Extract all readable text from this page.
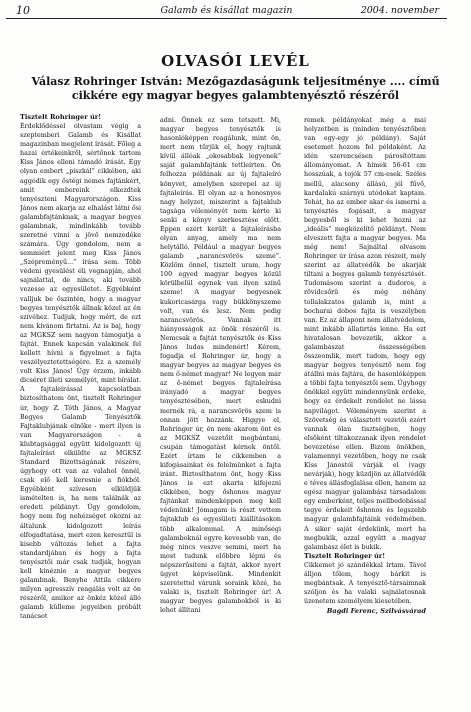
10	Galamb és kisállat magazin	2004. november
OLVASÓI LEVÉL
Válasz Rohringer István: Mezőgazdaságunk teljesítménye .... című cikkére egy magyar begyes galambtenyésztő részéről
Tisztelt Rohringer úr!

Érdeklődéssel olvastam végig a szeptemberi Galamb és Kisállat magazinban megjelent írását. Főleg a hazai értékeinkről, sértőnek tartom Kiss János elleni támadó írását. Egy olyan embert „piszkál” cikkében, aki aggódik egy őstégi nemes fajtánkért, amit embereink elkezdtek tenyészteni Magyarországon. Kiss János nem akarja az elhalást látni ősi galambfajtánknak, a magyar begyes galambnak, mindinkább tovább szeretné vinni a jövő nemzedéke számára. Úgy gondolom, nem a semmiért jelent meg Kiss János „Szépreményű...” írása sem. Több védeni gyesülést éli vegnapján, ahol sajnálattal, de nincs, aki tovább vezesse az egyesületet. Egyébként valljuk be őszintén, hogy a magyar begyes tenyésztők állnak közel az én szívéhez. Tudjuk, hogy mért, de ezt nem kívánom firtatni. Az is baj, hogy az MGKSZ sem nagyon támogatja a fajtát. Ennek kapcsán valakinek fel kellett hívni a figyelmet a fajta veszélyeztetettségére. Ez a személy volt Kiss János! Úgy érzem, inkább dicséret illeti személyét, mint bírálat. A fajtaleírással kapcsolatban biztosíthatom önt, tisztelt Rohringer úr, hogy Z. Tóth János, a Magyar Begyes Galamb Tenyésztők Fajtaklubjának elnöke - mert ilyen is van Magyarországon - a klubtagsággal együtt kidolgozott új fajtaleírást elküldte az MGKSZ Standard Bizottságának részére, úgyhogy ott van az valahol önnél, csak elő kell keresnie a fiókból. Egyébként szívesen elküldjük ismételten is, ha nem találnák az eredeti példányt. Úgy gondolom, hogy nem fog nehézséget okozni az általunk kidolgozott leírás elfogadtatása, mert ezen keresztül is kisebb változás lehet a fajta standardjában és hogy a fajta tenyésztői már csak tudják, hogyan kell kinéznie a magyar begyes galambnak. Benyhe Attila cikkére milyen agresszív reagálás volt az ön részéről, amikor az önkéz közel álló galamb külleme jegyeiben próbált tanácsot

adni. Önnek ez sem tetszett. Mi, magyar begyes tenyésztők is hasonlóképpen reagálunk, mint ön, mert nem tűrjük el, hogy rajtunk kívül állóak „okosabbak legyenek” saját galambfajtánk tettleírten. Ön felhozza példának az új fajtaleíró könyvet, amelyben szerepel az új fajtaleírás. El olyan az a honosnyos nagy helyzet, miszerint a fajtaklub tagsága véleményét nem kérte ki senki a könyv szerkesztése előtt. Eppen ezért került a fajtaleírásba olyan anyag, amely ma nem helytálló. Például a magyar begyes galamb „narancsvörös szeme”. Közlöm önnel, tisztelt uram, hogy 100 egyed magyar begyes közül körülbelül egynek van ilyen színű szeme! A magyar begyesnek kukoricasárga vagy bükkönyszeme volt, van és lesz. Nem pedig narancsvörös. Vannak itt hiányosságok az önök részéről is. Nemcsak a fajtát tenyésztők és Kiss János ludas mindenért! Kérem, fogadja el Rohringer úr, hogy a magyar begyes az magyar begyes és nem ő-német magyar! Ne legyen már az ő-német begyes fajtaleírása irányadó a magyar begyes tenyésztésében, mert eskudni mernék rá, a narancsvörös szem is onnan jött hozzánk. Higgye el, Rohringer úr, én nem akarom önt és az MGKSZ vezetőit megbántani, csupán támogatást kérnek öntől. Ezért írtam le cikkemben a kifogásainkat és felelmünket a fajta iránt. Biztosíthatom önt, hogy Kiss János is ezt akarta kifejezni cikkében, hogy őshonos magyar fajtánkat mindenképpen meg kell védenünk! Jómagam is részt vettem fajtaklub és egyesületi kiállításokon több alkalommal. A minőségi galamboknál egyre kevesebb van, de még nincs veszve semmi, mert ha most tudunk előbbre lépni és népszerűsíteni a fajtát, akkor nyert ügyet képviselünk. Mindenkit szeretettel várunk soraink közé, ha valaki is, tisztelt Rohringer úr! A magyar begyes galambokból is ki lehet állítani

remek példányokat még a mai helyzetben is (minden tenyésztőben van egy-egy jó példány). Saját esetemet hozom fel példaként. Az idén szerencsésen párosítottam állományomat. A hímek 56-61 cm hosszúak, a tojók 57 cm-esek. Széles mellű, alacsony állású, jól fűvő, kardalakú szárnyú utódokat kaptam. Tehát, ha az ember akar és ismerni a tenyésztés fogásait, a magyar begyesből is ki lehet hozni az „ideális” megközelítő példányt. Nem elveszett fajta a magyar begyes. Ma még nem! Sajnáltal olvasom Rohringer úr írása azon részeit, mely szerint az állatvédők be akarják tiltani a begyes galamb tenyésztését. Tudomásom szerint a dudoros, a rövidcsőrű és még néhány tollalakzatos galamb is, mint a bocharai dobos fajta is veszélyben van. Ez az állapont nem állatvédelem, mint inkább állatirtás lenne. Ha ezt hivatalosan bevezetik, akkor a galambászat összességében összeomlik, mert tudom, hogy egy magyar begyes tenyésztő nem fog átállni más fajtára, de hasonlóképpen a többi fajta tenyésztői sem. Úgyhogy önökkel együtt mindennyünk érdeke, hogy ez érdekelt rendelet ne lássa napvilágot. Véleményem szerint a Szövetség és választott vezetői ezért vannak ólan tisztségben, hogy elsőként tiltakozzanak ilyen rendelet bevezetése ellen. Bizom önökben, valamennyi vezetőben, hogy ne csak Kiss Jánostól várják el (vagy nevárják), hogy küzdjön az állatvédők e téves állásfoglalása ellen, hanem az egész magyar galambász társadalom egy emberként, teljes mellbedobással tegye érdekeit őshonos és legszebb magyar galambfajtáink védelmében. A siker saját érdekünk, mert ha megbukik, azzal együtt a magyar galambász élet is bukik.

Tisztelt Rohringer úr!

Cikkemet jó szándékkal írtam. Távol álljon tőlem, hogy bárkit is megbántsak. A tenyésztő-társaimnak szóljon és ha valaki sajnálatosnak üzenetem személyem kiesetében.

Bagdi Ferenc, Szilvásvárad
